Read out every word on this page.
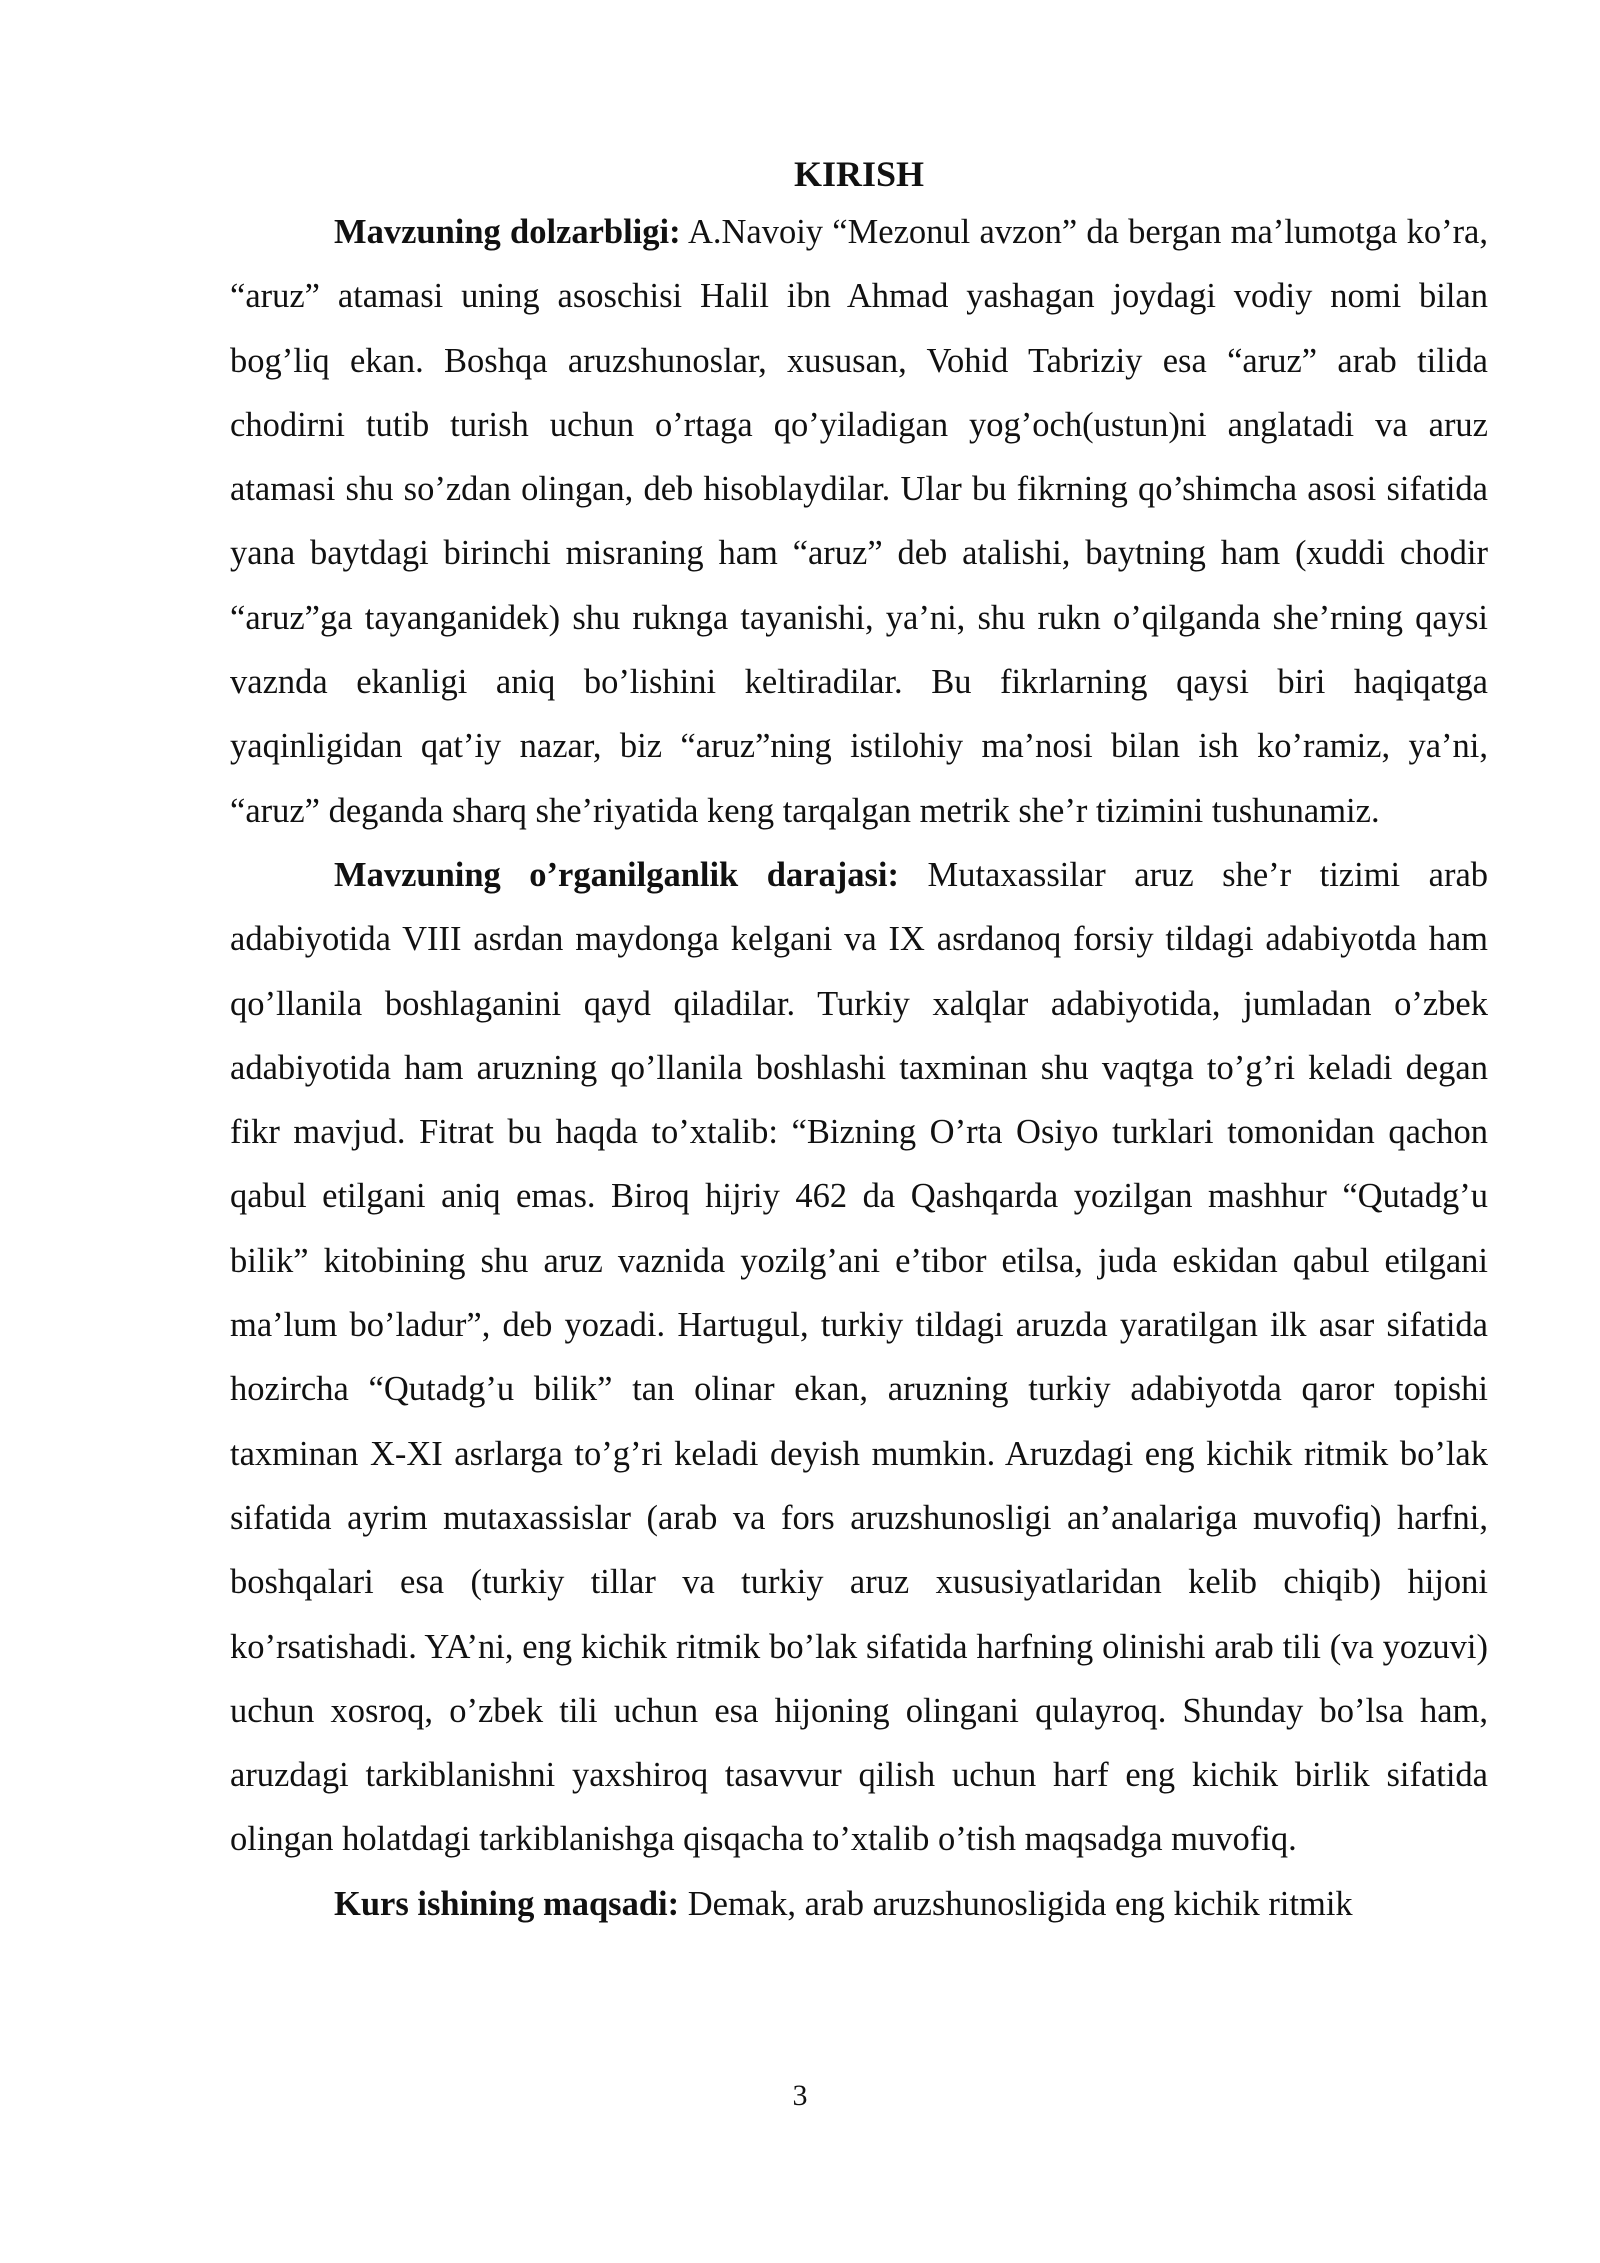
KIRISH

Mavzuning dolzarbligi: A.Navoiy “Mezonul avzon” da bergan ma’lumotga ko’ra, “aruz” atamasi uning asoschisi Halil ibn Ahmad yashagan joydagi vodiy nomi bilan bog’liq ekan. Boshqa aruzshunoslar, xususan, Vohid Tabriziy esa “aruz” arab tilida chodirni tutib turish uchun o’rtaga qo’yiladigan yog’och(ustun)ni anglatadi va aruz atamasi shu so’zdan olingan, deb hisoblaydilar. Ular bu fikrning qo’shimcha asosi sifatida yana baytdagi birinchi misraning ham “aruz” deb atalishi, baytning ham (xuddi chodir “aruz”ga tayanganidek) shu ruknga tayanishi, ya’ni, shu rukn o’qilganda she’rning qaysi vaznda ekanligi aniq bo’lishini keltiradilar. Bu fikrlarning qaysi biri haqiqatga yaqinligidan qat’iy nazar, biz “aruz”ning istilohiy ma’nosi bilan ish ko’ramiz, ya’ni, “aruz” deganda sharq she’riyatida keng tarqalgan metrik she’r tizimini tushunamiz.

Mavzuning o’rganilganlik darajasi: Mutaxassilar aruz she’r tizimi arab adabiyotida VIII asrdan maydonga kelgani va IX asrdanoq forsiy tildagi adabiyotda ham qo’llanila boshlaganini qayd qiladilar. Turkiy xalqlar adabiyotida, jumladan o’zbek adabiyotida ham aruzning qo’llanila boshlashi taxminan shu vaqtga to’g’ri keladi degan fikr mavjud. Fitrat bu haqda to’xtalib: “Bizning O’rta Osiyo turklari tomonidan qachon qabul etilgani aniq emas. Biroq hijriy 462 da Qashqarda yozilgan mashhur “Qutadg’u bilik” kitobining shu aruz vaznida yozilg’ani e’tibor etilsa, juda eskidan qabul etilgani ma’lum bo’ladur”, deb yozadi. Hartugul, turkiy tildagi aruzda yaratilgan ilk asar sifatida hozircha “Qutadg’u bilik” tan olinar ekan, aruzning turkiy adabiyotda qaror topishi taxminan X-XI asrlarga to’g’ri keladi deyish mumkin. Aruzdagi eng kichik ritmik bo’lak sifatida ayrim mutaxassislar (arab va fors aruzshunosligi an’analariga muvofiq) harfni, boshqalari esa (turkiy tillar va turkiy aruz xususiyatlaridan kelib chiqib) hijoni ko’rsatishadi. YA’ni, eng kichik ritmik bo’lak sifatida harfning olinishi arab tili (va yozuvi) uchun xosroq, o’zbek tili uchun esa hijoning olingani qulayroq. Shunday bo’lsa ham, aruzdagi tarkiblanishni yaxshiroq tasavvur qilish uchun harf eng kichik birlik sifatida olingan holatdagi tarkiblanishga qisqacha to’xtalib o’tish maqsadga muvofiq.

Kurs ishining maqsadi: Demak, arab aruzshunosligida eng kichik ritmik

3
